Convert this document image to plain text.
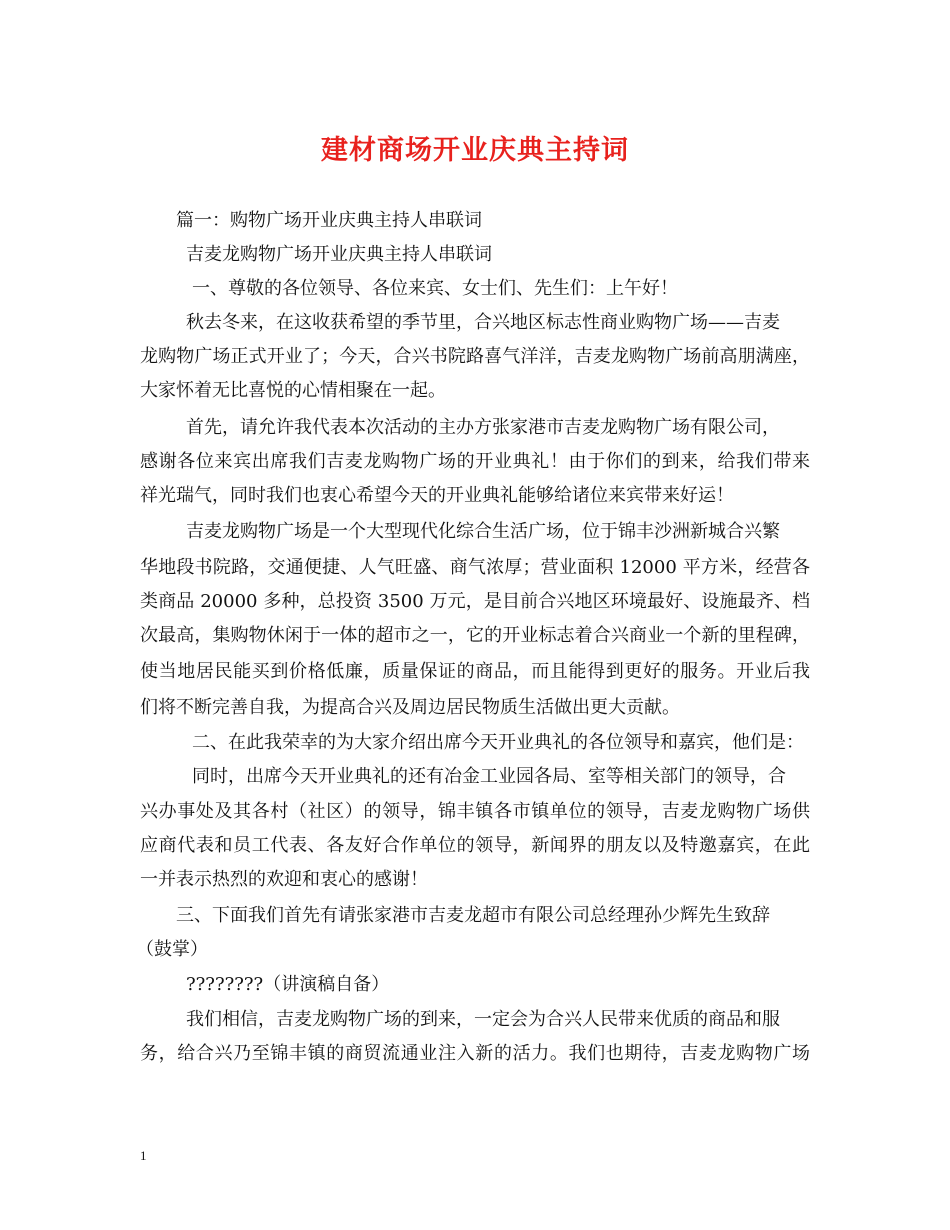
建材商场开业庆典主持词
篇一：购物广场开业庆典主持人串联词
吉麦龙购物广场开业庆典主持人串联词
一、尊敬的各位领导、各位来宾、女士们、先生们：上午好！
秋去冬来，在这收获希望的季节里，合兴地区标志性商业购物广场——吉麦
龙购物广场正式开业了；今天，合兴书院路喜气洋洋，吉麦龙购物广场前高朋满座，
大家怀着无比喜悦的心情相聚在一起。
首先，请允许我代表本次活动的主办方张家港市吉麦龙购物广场有限公司，
感谢各位来宾出席我们吉麦龙购物广场的开业典礼！由于你们的到来，给我们带来
祥光瑞气，同时我们也衷心希望今天的开业典礼能够给诸位来宾带来好运！
吉麦龙购物广场是一个大型现代化综合生活广场，位于锦丰沙洲新城合兴繁
华地段书院路，交通便捷、人气旺盛、商气浓厚；营业面积 12000 平方米，经营各
类商品 20000 多种，总投资 3500 万元，是目前合兴地区环境最好、设施最齐、档
次最高，集购物休闲于一体的超市之一，它的开业标志着合兴商业一个新的里程碑，
使当地居民能买到价格低廉，质量保证的商品，而且能得到更好的服务。开业后我
们将不断完善自我，为提高合兴及周边居民物质生活做出更大贡献。
二、在此我荣幸的为大家介绍出席今天开业典礼的各位领导和嘉宾，他们是：
同时，出席今天开业典礼的还有冶金工业园各局、室等相关部门的领导，合
兴办事处及其各村（社区）的领导，锦丰镇各市镇单位的领导，吉麦龙购物广场供
应商代表和员工代表、各友好合作单位的领导，新闻界的朋友以及特邀嘉宾，在此
一并表示热烈的欢迎和衷心的感谢！
三、下面我们首先有请张家港市吉麦龙超市有限公司总经理孙少辉先生致辞
（鼓掌）
????????（讲演稿自备）
我们相信，吉麦龙购物广场的到来，一定会为合兴人民带来优质的商品和服
务，给合兴乃至锦丰镇的商贸流通业注入新的活力。我们也期待，吉麦龙购物广场
1
